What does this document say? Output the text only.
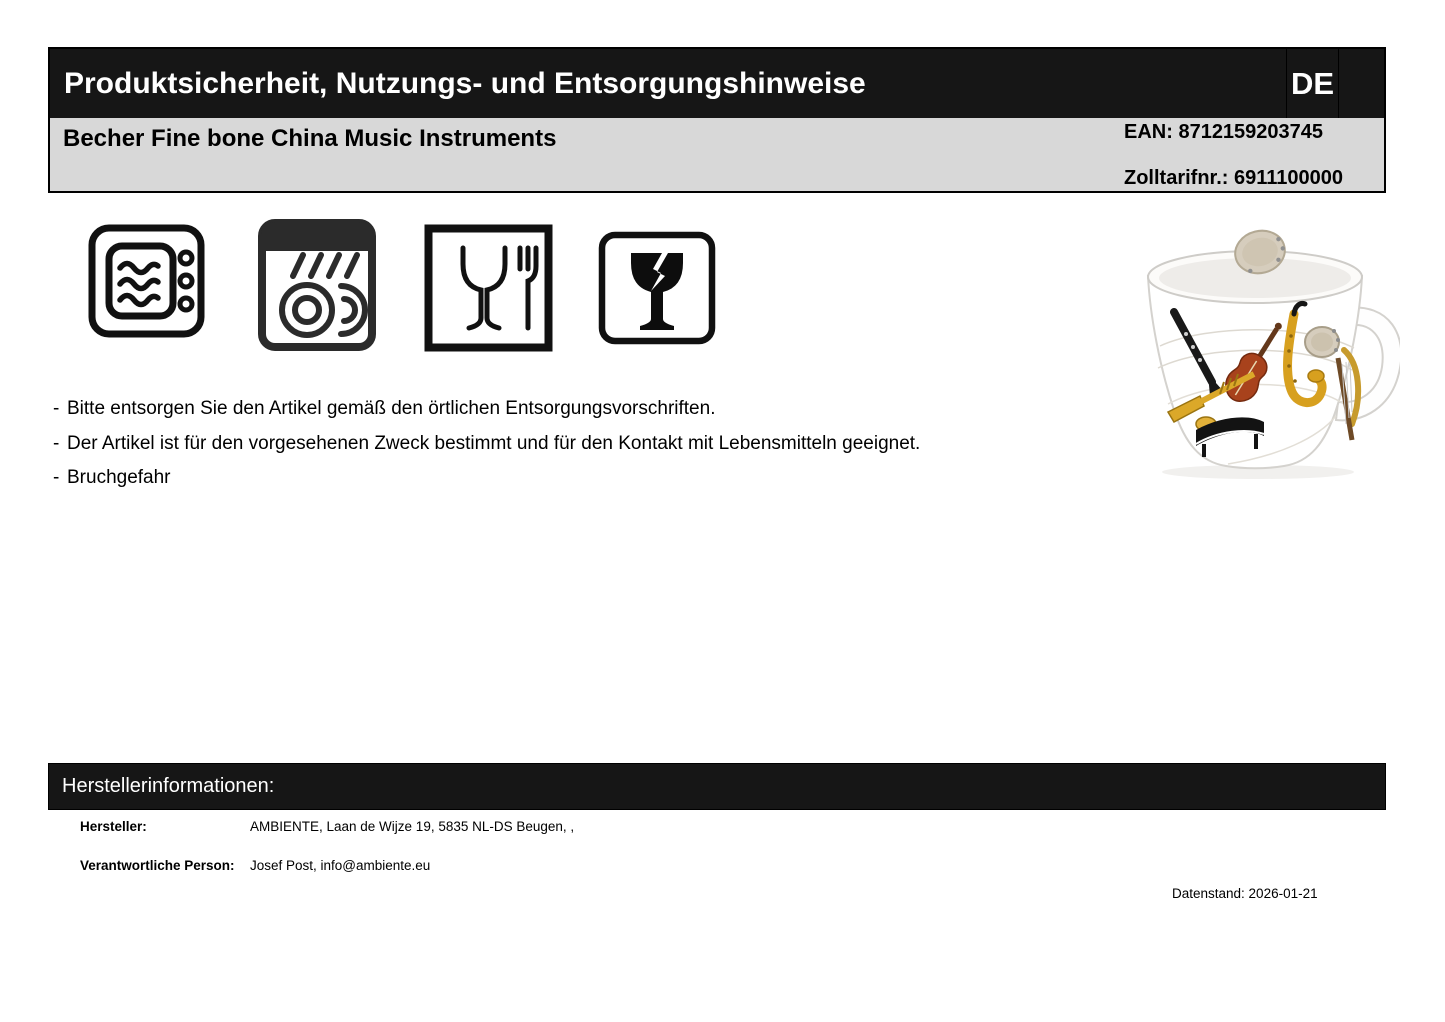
Produktsicherheit, Nutzungs- und Entsorgungshinweise	DE
Becher Fine bone China Music Instruments	EAN: 8712159203745
Zolltarifnr.: 6911100000
- Bitte entsorgen Sie den Artikel gemäß den örtlichen Entsorgungsvorschriften.
- Der Artikel ist für den vorgesehenen Zweck bestimmt und für den Kontakt mit Lebensmitteln geeignet.
- Bruchgefahr
Herstellerinformationen:
Hersteller:	AMBIENTE, Laan de Wijze 19, 5835 NL-DS Beugen, ,
Verantwortliche Person: Josef Post, info@ambiente.eu
Datenstand: 2026-01-21
